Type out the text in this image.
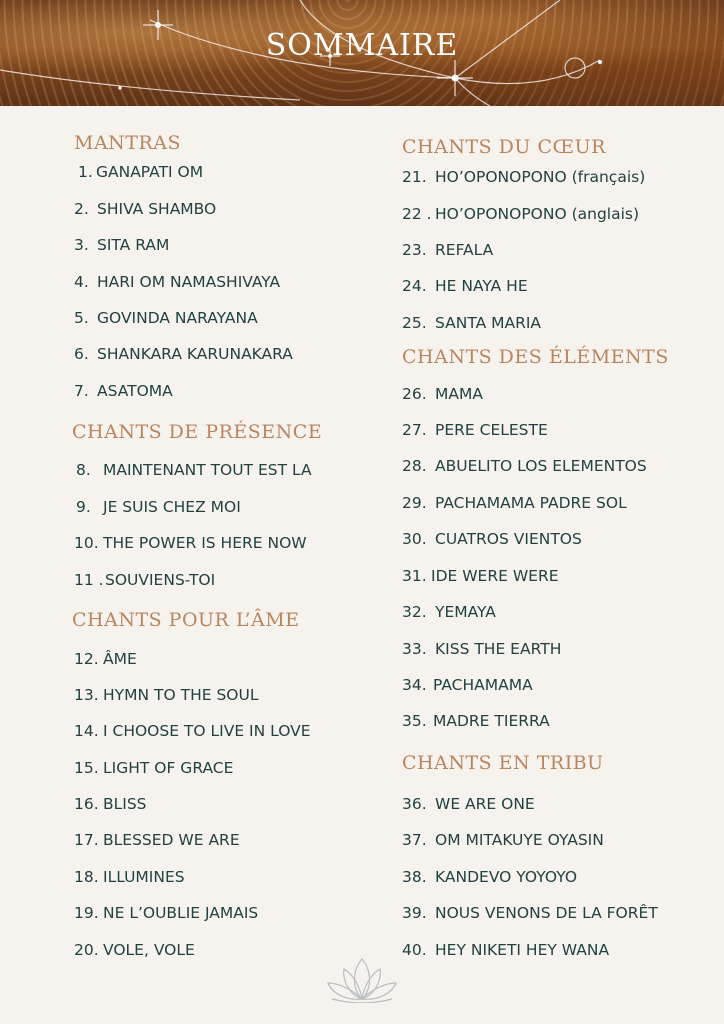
SOMMAIRE
MANTRAS
1. GANAPATI OM
2. SHIVA SHAMBO
3. SITA RAM
4. HARI OM NAMASHIVAYA
5. GOVINDA NARAYANA
6. SHANKARA KARUNAKARA
7. ASATOMA
CHANTS DE PRÉSENCE
8. MAINTENANT TOUT EST LA
9. JE SUIS CHEZ MOI
10. THE POWER IS HERE NOW
11 .SOUVIENS-TOI
CHANTS POUR L’ÂME
12. ÂME
13. HYMN TO THE SOUL
14. I CHOOSE TO LIVE IN LOVE
15. LIGHT OF GRACE
16. BLISS
17. BLESSED WE ARE
18. ILLUMINES
19. NE L’OUBLIE JAMAIS
20. VOLE, VOLE
CHANTS DU CŒUR
21. HO’OPONOPONO (français)
22 . HO’OPONOPONO (anglais)
23. REFALA
24. HE NAYA HE
25. SANTA MARIA
CHANTS DES ÉLÉMENTS
26. MAMA
27. PERE CELESTE
28. ABUELITO LOS ELEMENTOS
29. PACHAMAMA PADRE SOL
30. CUATROS VIENTOS
31. IDE WERE WERE
32. YEMAYA
33. KISS THE EARTH
34. PACHAMAMA
35. MADRE TIERRA
CHANTS EN TRIBU
36. WE ARE ONE
37. OM MITAKUYE OYASIN
38. KANDEVO YOYOYO
39. NOUS VENONS DE LA FORÊT
40. HEY NIKETI HEY WANA
